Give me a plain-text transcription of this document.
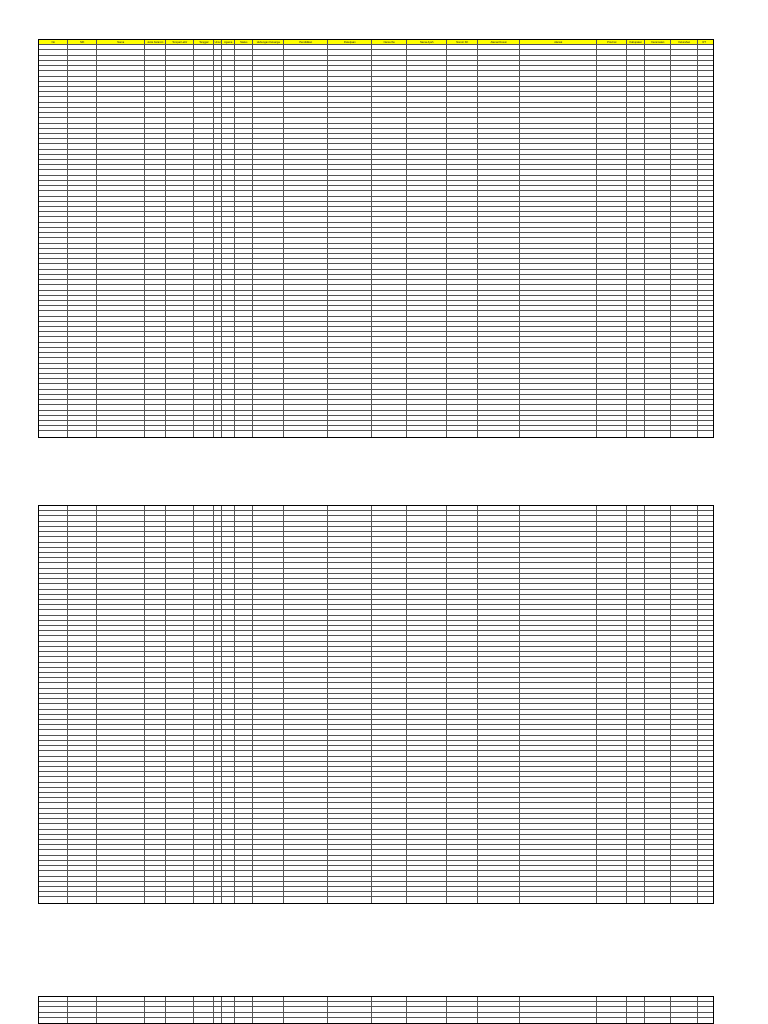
No	NIK	Nama	Jenis Kelamin	Tempat Lahir	Tanggal	Umur	Agama	Status	Hubungan Keluarga	Pendidikan	Pekerjaan	Nama Ibu	Nama Ayah	Nomor KK	Alamat Dusun	Alamat	Provinsi	Kabupaten	Kecamatan	Kelurahan	RT
